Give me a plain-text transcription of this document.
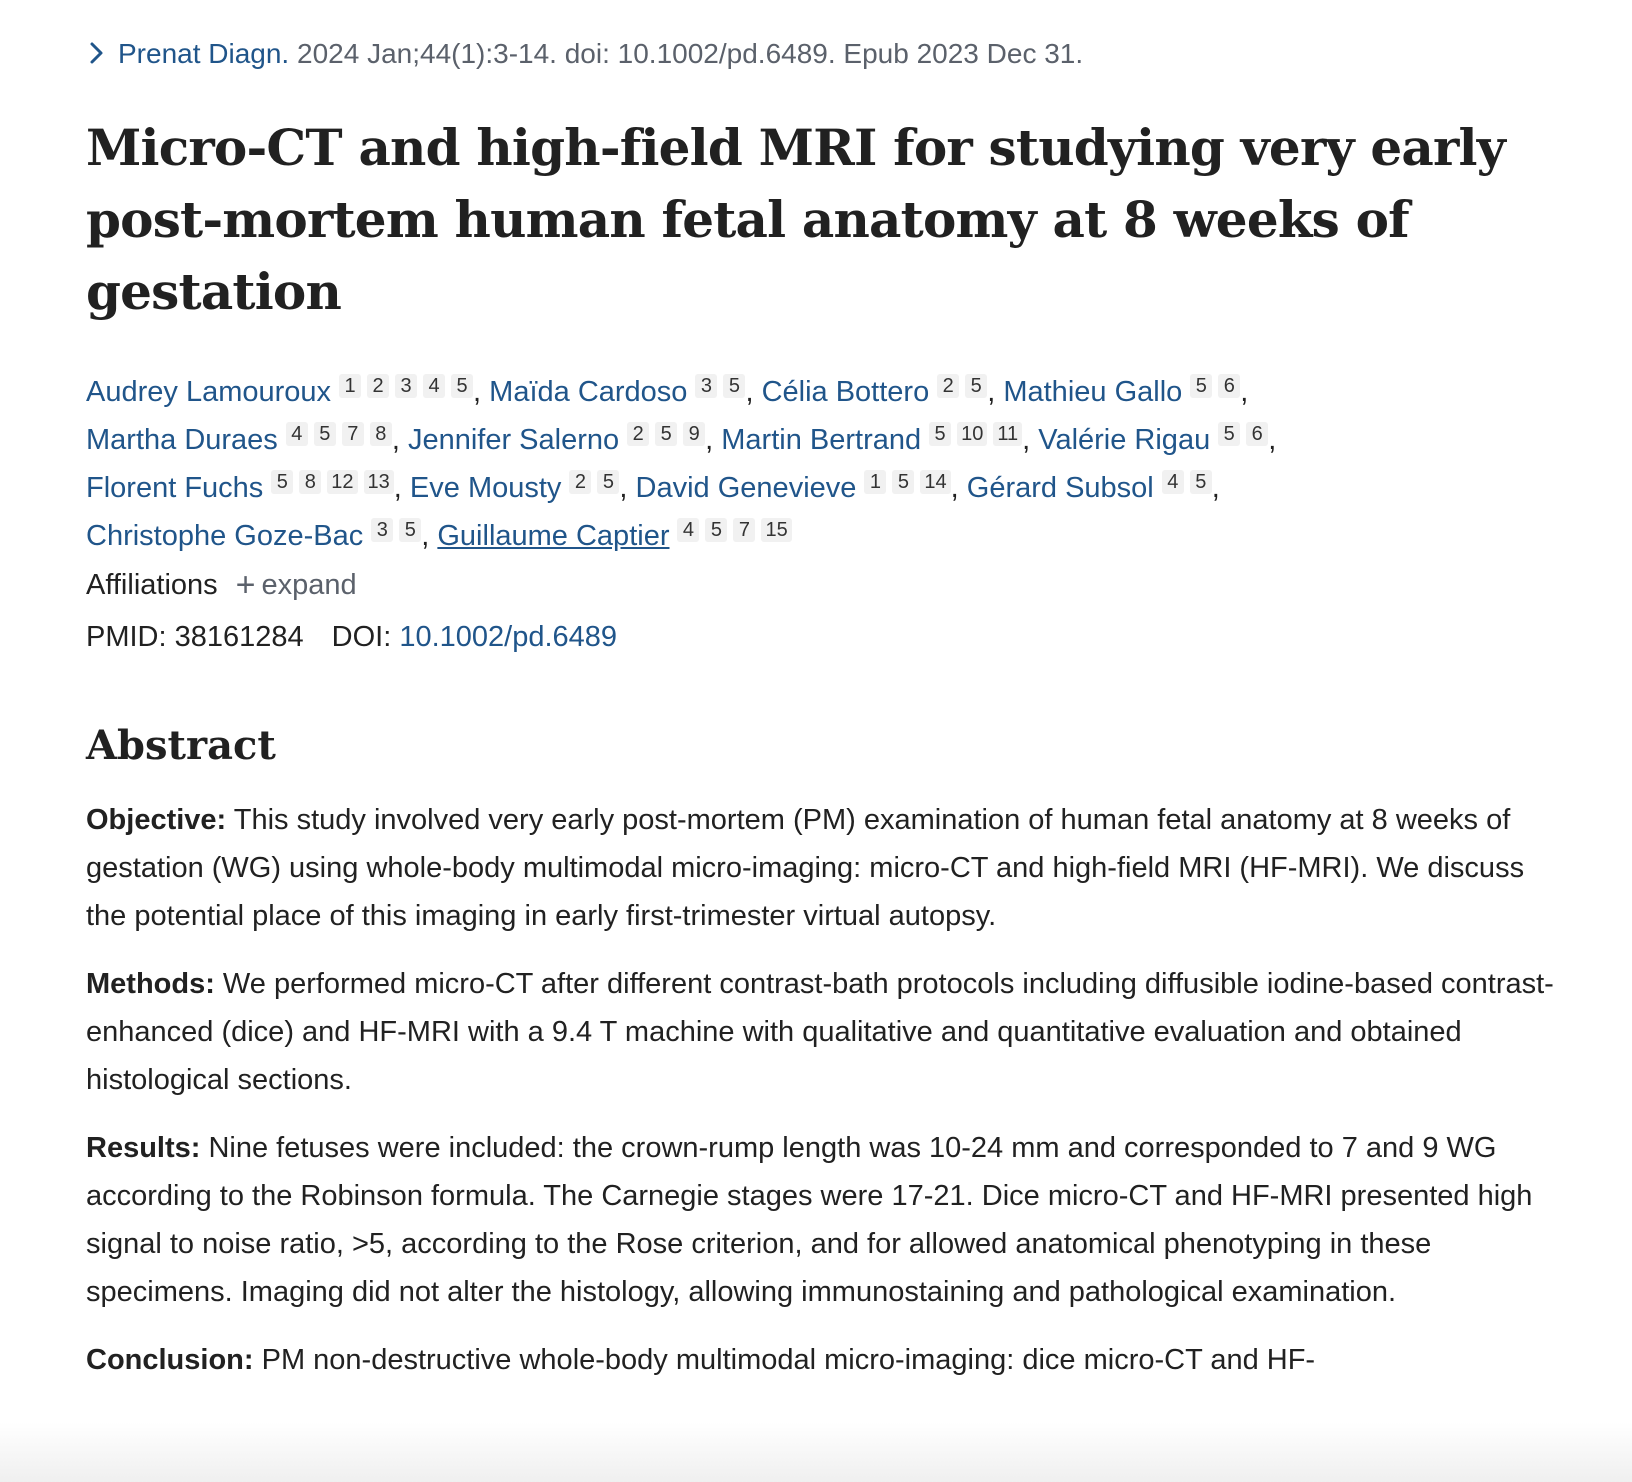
Prenat Diagn. 2024 Jan;44(1):3-14. doi: 10.1002/pd.6489. Epub 2023 Dec 31.
Micro-CT and high-field MRI for studying very early post-mortem human fetal anatomy at 8 weeks of gestation
Audrey Lamouroux 1 2 3 4 5 , Maïda Cardoso 3 5 , Célia Bottero 2 5 , Mathieu Gallo 5 6 ,
Martha Duraes 4 5 7 8 , Jennifer Salerno 2 5 9 , Martin Bertrand 5 10 11 , Valérie Rigau 5 6 ,
Florent Fuchs 5 8 12 13 , Eve Mousty 2 5 , David Genevieve 1 5 14 , Gérard Subsol 4 5 ,
Christophe Goze-Bac 3 5 , Guillaume Captier 4 5 7 15
Affiliations + expand
PMID: 38161284 DOI: 10.1002/pd.6489
Abstract

Objective: This study involved very early post-mortem (PM) examination of human fetal anatomy at 8 weeks of gestation (WG) using whole-body multimodal micro-imaging: micro-CT and high-field MRI (HF-MRI). We discuss the potential place of this imaging in early first-trimester virtual autopsy.

Methods: We performed micro-CT after different contrast-bath protocols including diffusible iodine-based contrast-enhanced (dice) and HF-MRI with a 9.4 T machine with qualitative and quantitative evaluation and obtained histological sections.

Results: Nine fetuses were included: the crown-rump length was 10-24 mm and corresponded to 7 and 9 WG according to the Robinson formula. The Carnegie stages were 17-21. Dice micro-CT and HF-MRI presented high signal to noise ratio, >5, according to the Rose criterion, and for allowed anatomical phenotyping in these specimens. Imaging did not alter the histology, allowing immunostaining and pathological examination.

Conclusion: PM non-destructive whole-body multimodal micro-imaging: dice micro-CT and HF-
